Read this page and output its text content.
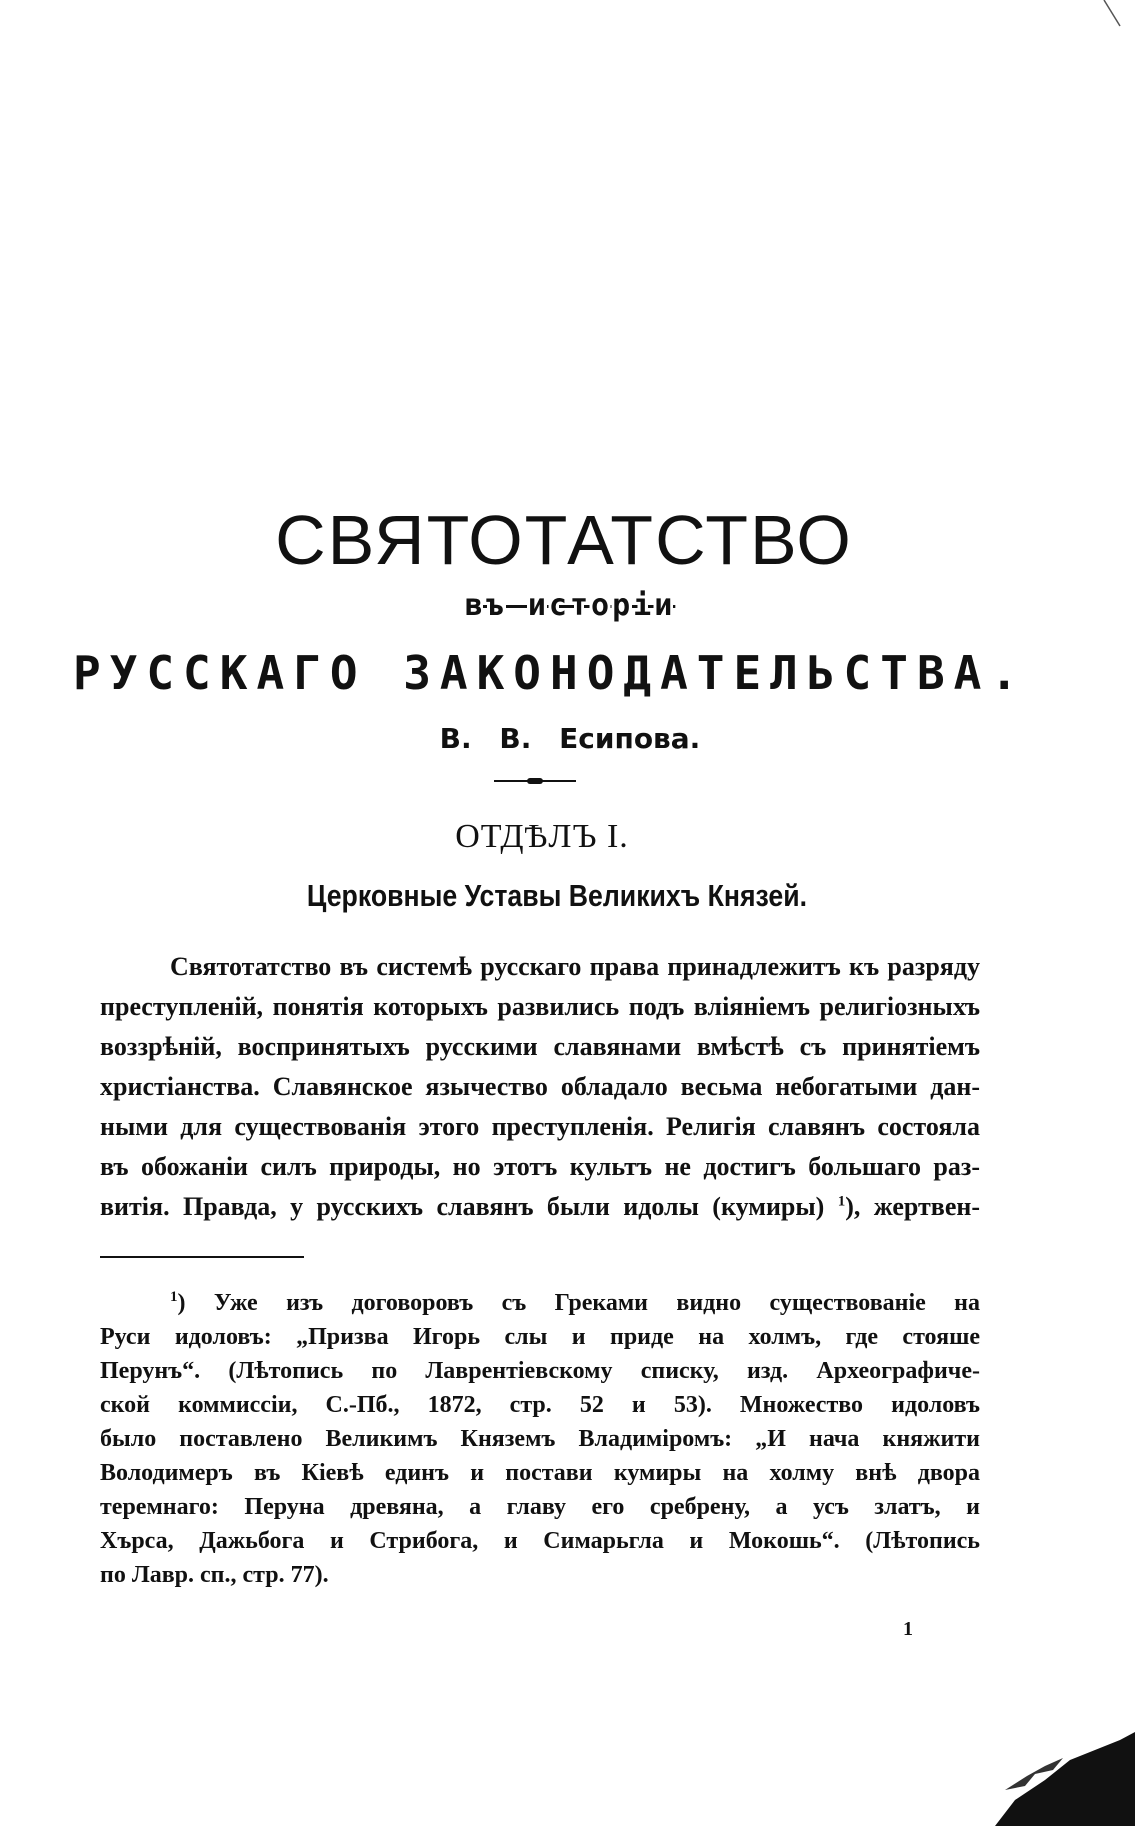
СВЯТОТАТСТВО
въ исторіи
РУССКАГО ЗАКОНОДАТЕЛЬСТВА.
В. В. Есипова.
ОТДѢЛЪ I.
Церковные Уставы Великихъ Князей.
Святотатство въ системѣ русскаго права принадлежитъ къ разряду
преступленій, понятія которыхъ развились подъ вліяніемъ религіозныхъ
воззрѣній, воспринятыхъ русскими славянами вмѣстѣ съ принятіемъ
христіанства. Славянское язычество обладало весьма небогатыми дан-
ными для существованія этого преступленія. Религія славянъ состояла
въ обожаніи силъ природы, но этотъ культъ не достигъ большаго раз-
витія. Правда, у русскихъ славянъ были идолы (кумиры) $^1$), жертвен-
$^1$) Уже изъ договоровъ съ Греками видно существованіе на
Руси идоловъ: „Призва Игорь слы и приде на холмъ, где стояше
Перунъ“. (Лѣтопись по Лаврентіевскому списку, изд. Археографиче-
ской коммиссіи, С.-Пб., 1872, стр. 52 и 53). Множество идоловъ
было поставлено Великимъ Княземъ Владиміромъ: „И нача княжити
Володимеръ въ Кіевѣ единъ и постави кумиры на холму внѣ двора
теремнаго: Перуна древяна, а главу его сребрену, а усъ златъ, и
Хърса, Дажьбога и Стрибога, и Симарьгла и Мокошь“. (Лѣтопись
по Лавр. сп., стр. 77).
1
